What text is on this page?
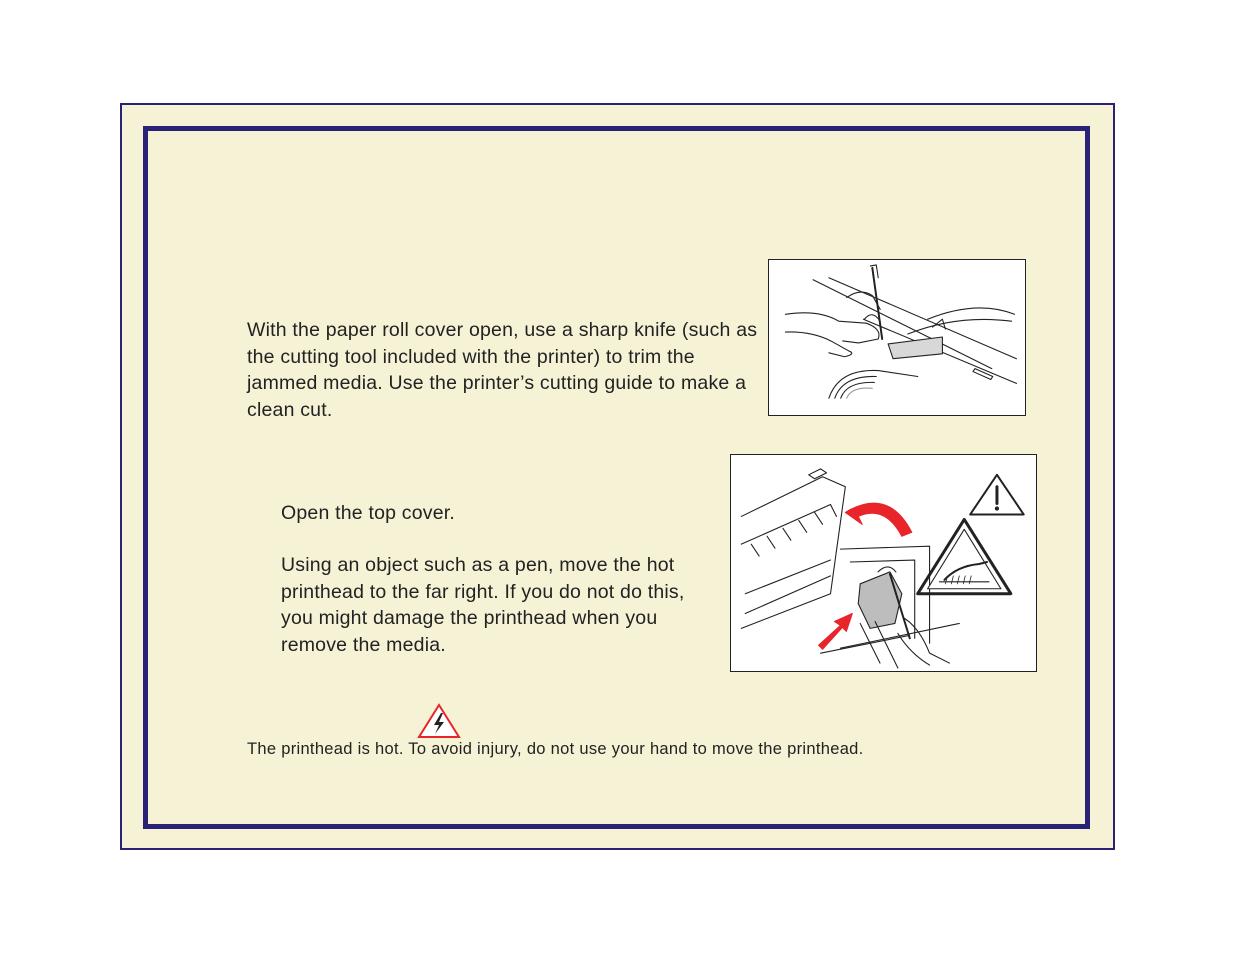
With the paper roll cover open, use a sharp knife (such as the cutting tool included with the printer) to trim the jammed media. Use the printer’s cutting guide to make a clean cut.

Open the top cover.

Using an object such as a pen, move the hot printhead to the far right. If you do not do this, you might damage the printhead when you remove the media.

The printhead is hot. To avoid injury, do not use your hand to move the printhead.
